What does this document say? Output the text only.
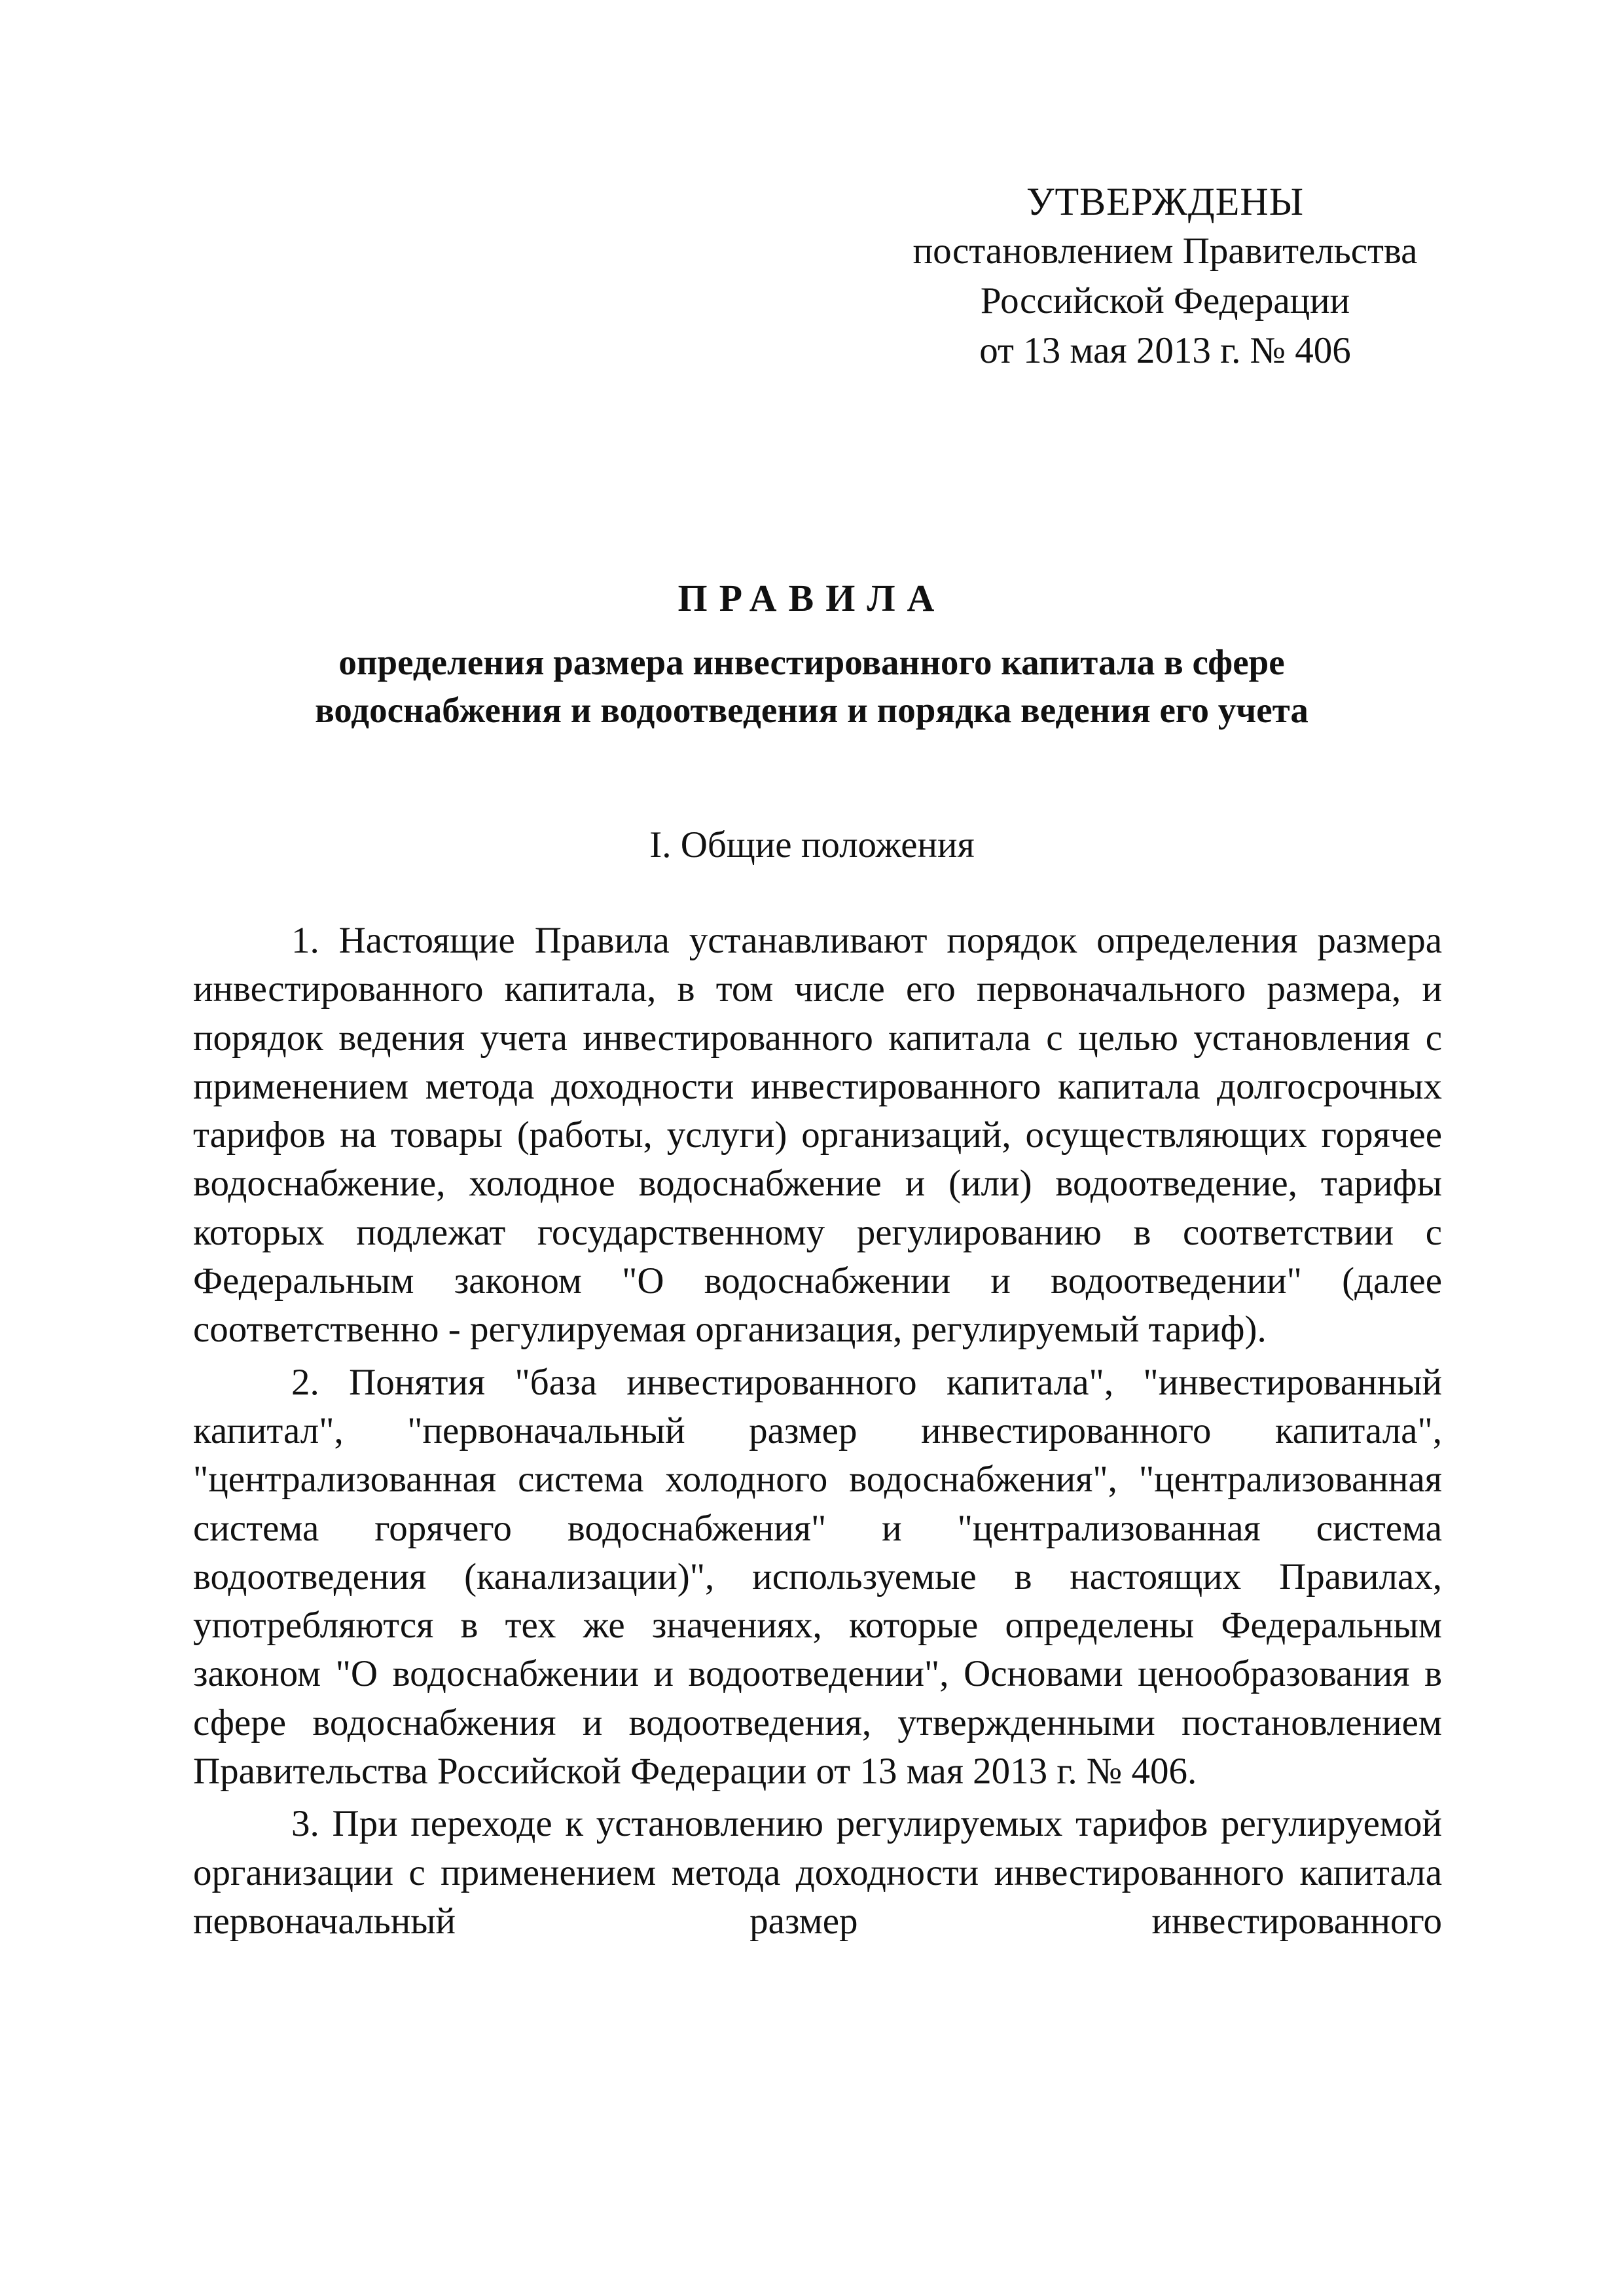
УТВЕРЖДЕНЫ
постановлением Правительства
Российской Федерации
от 13 мая 2013 г. № 406
ПРАВИЛА
определения размера инвестированного капитала в сфере
водоснабжения и водоотведения и порядка ведения его учета
I. Общие положения

1. Настоящие Правила устанавливают порядок определения размера инвестированного капитала, в том числе его первоначального размера, и порядок ведения учета инвестированного капитала с целью установления с применением метода доходности инвестированного капитала долгосрочных тарифов на товары (работы, услуги) организаций, осуществляющих горячее водоснабжение, холодное водоснабжение и (или) водоотведение, тарифы которых подлежат государственному регулированию в соответствии с Федеральным законом "О водоснабжении и водоотведении" (далее соответственно - регулируемая организация, регулируемый тариф).

2. Понятия "база инвестированного капитала", "инвестированный капитал", "первоначальный размер инвестированного капитала", "централизованная система холодного водоснабжения", "централизованная система горячего водоснабжения" и "централизованная система водоотведения (канализации)", используемые в настоящих Правилах, употребляются в тех же значениях, которые определены Федеральным законом "О водоснабжении и водоотведении", Основами ценообразования в сфере водоснабжения и водоотведения, утвержденными постановлением Правительства Российской Федерации от 13 мая 2013 г. № 406.

3. При переходе к установлению регулируемых тарифов регулируемой организации с применением метода доходности инвестированного капитала первоначальный размер инвестированного
